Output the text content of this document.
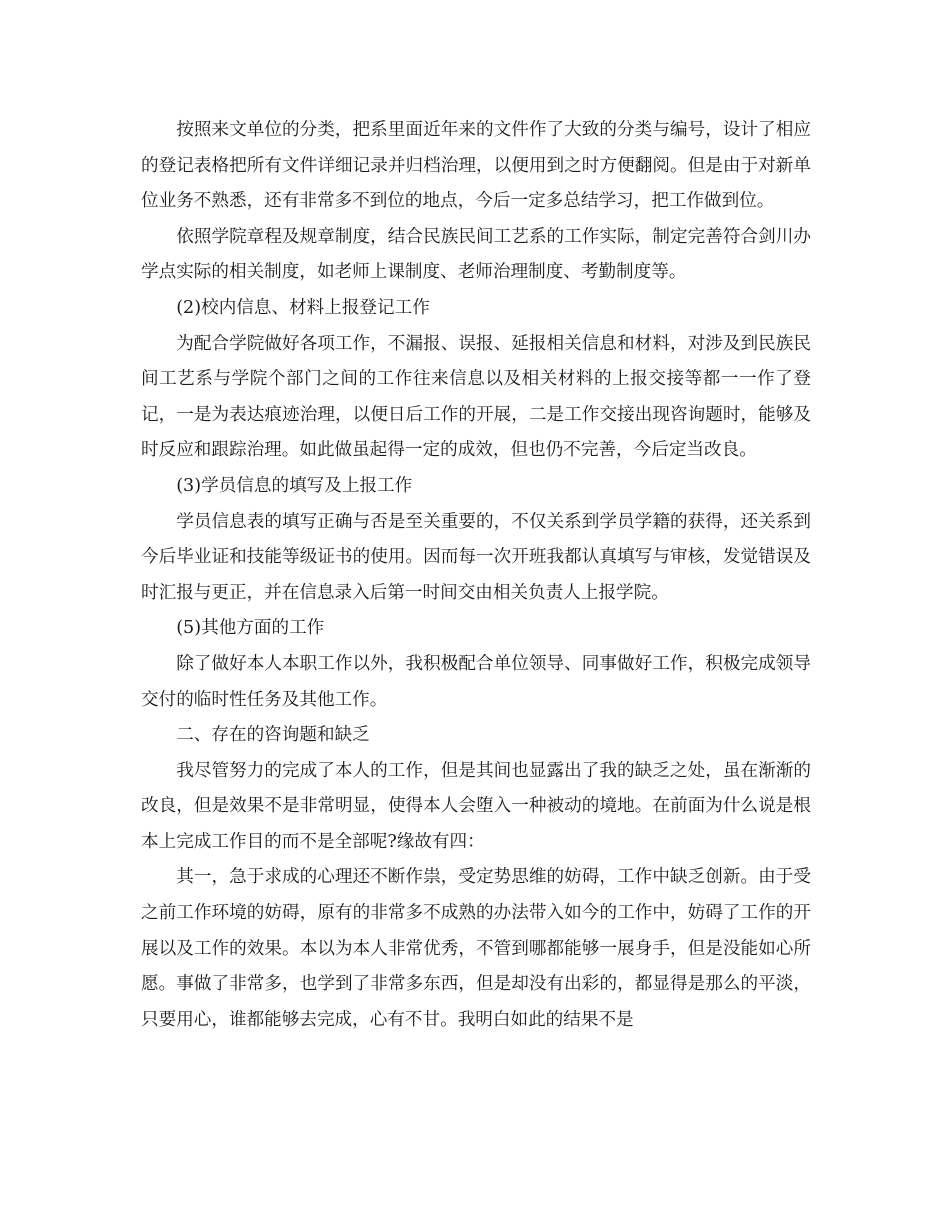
按照来文单位的分类，把系里面近年来的文件作了大致的分类与编号，设计了相应的登记表格把所有文件详细记录并归档治理，以便用到之时方便翻阅。但是由于对新单位业务不熟悉，还有非常多不到位的地点，今后一定多总结学习，把工作做到位。

依照学院章程及规章制度，结合民族民间工艺系的工作实际，制定完善符合剑川办学点实际的相关制度，如老师上课制度、老师治理制度、考勤制度等。

(2)校内信息、材料上报登记工作

为配合学院做好各项工作，不漏报、误报、延报相关信息和材料，对涉及到民族民间工艺系与学院个部门之间的工作往来信息以及相关材料的上报交接等都一一作了登记，一是为表达痕迹治理，以便日后工作的开展，二是工作交接出现咨询题时，能够及时反应和跟踪治理。如此做虽起得一定的成效，但也仍不完善，今后定当改良。

(3)学员信息的填写及上报工作

学员信息表的填写正确与否是至关重要的，不仅关系到学员学籍的获得，还关系到今后毕业证和技能等级证书的使用。因而每一次开班我都认真填写与审核，发觉错误及时汇报与更正，并在信息录入后第一时间交由相关负责人上报学院。

(5)其他方面的工作

除了做好本人本职工作以外，我积极配合单位领导、同事做好工作，积极完成领导交付的临时性任务及其他工作。

二、存在的咨询题和缺乏

我尽管努力的完成了本人的工作，但是其间也显露出了我的缺乏之处，虽在渐渐的改良，但是效果不是非常明显，使得本人会堕入一种被动的境地。在前面为什么说是根本上完成工作目的而不是全部呢?缘故有四：

其一，急于求成的心理还不断作祟，受定势思维的妨碍，工作中缺乏创新。由于受之前工作环境的妨碍，原有的非常多不成熟的办法带入如今的工作中，妨碍了工作的开展以及工作的效果。本以为本人非常优秀，不管到哪都能够一展身手，但是没能如心所愿。事做了非常多，也学到了非常多东西，但是却没有出彩的，都显得是那么的平淡，只要用心，谁都能够去完成，心有不甘。我明白如此的结果不是
